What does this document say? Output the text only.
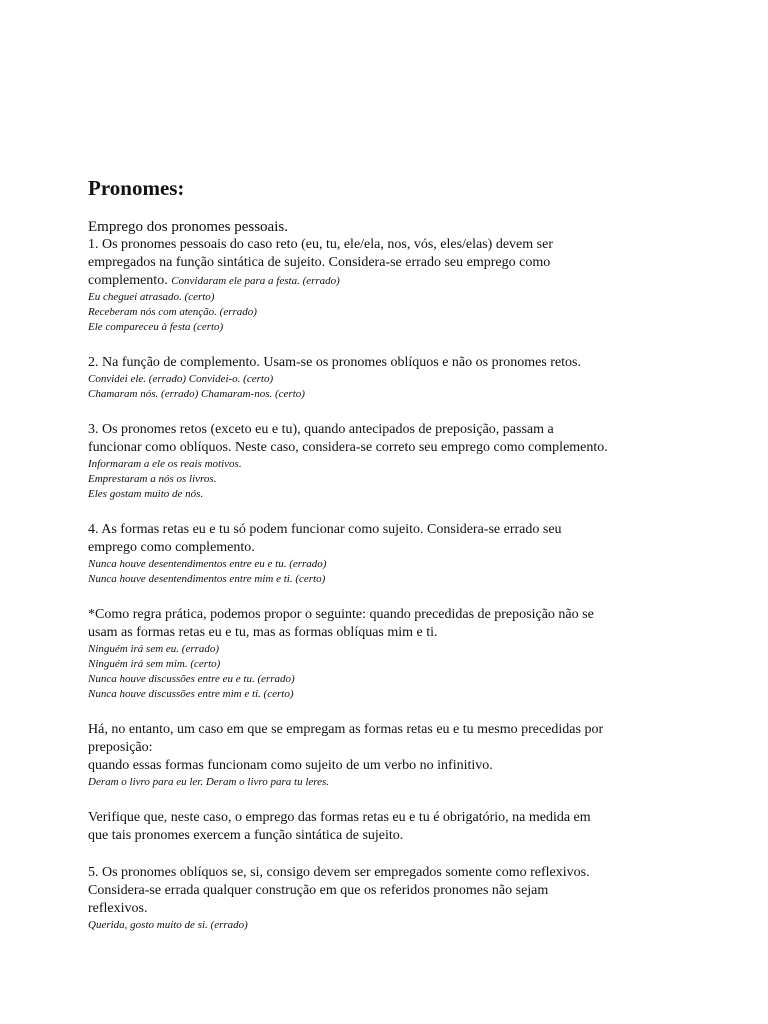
Pronomes:

Emprego dos pronomes pessoais.

1. Os pronomes pessoais do caso reto (eu, tu, ele/ela, nos, vós, eles/elas) devem ser

empregados na função sintática de sujeito. Considera-se errado seu emprego como

complemento. Convidaram ele para a festa. (errado)

Eu cheguei atrasado. (certo)

Receberam nós com atenção. (errado)

Ele compareceu à festa (certo)

2. Na função de complemento. Usam-se os pronomes oblíquos e não os pronomes retos.

Convidei ele. (errado) Convidei-o. (certo)

Chamaram nós. (errado) Chamaram-nos. (certo)

3. Os pronomes retos (exceto eu e tu), quando antecipados de preposição, passam a

funcionar como oblíquos. Neste caso, considera-se correto seu emprego como complemento.

Informaram a ele os reais motivos.

Emprestaram a nós os livros.

Eles gostam muito de nós.

4. As formas retas eu e tu só podem funcionar como sujeito. Considera-se errado seu

emprego como complemento.

Nunca houve desentendimentos entre eu e tu. (errado)

Nunca houve desentendimentos entre mim e ti. (certo)

*Como regra prática, podemos propor o seguinte: quando precedidas de preposição não se

usam as formas retas eu e tu, mas as formas oblíquas mim e ti.

Ninguém irá sem eu. (errado)

Ninguém irá sem mim. (certo)

Nunca houve discussões entre eu e tu. (errado)

Nunca houve discussões entre mim e ti. (certo)

Há, no entanto, um caso em que se empregam as formas retas eu e tu mesmo precedidas por

preposição:

quando essas formas funcionam como sujeito de um verbo no infinitivo.

Deram o livro para eu ler. Deram o livro para tu leres.

Verifique que, neste caso, o emprego das formas retas eu e tu é obrigatório, na medida em

que tais pronomes exercem a função sintática de sujeito.

5. Os pronomes oblíquos se, si, consigo devem ser empregados somente como reflexivos.

Considera-se errada qualquer construção em que os referidos pronomes não sejam

reflexivos.

Querida, gosto muito de si. (errado)
